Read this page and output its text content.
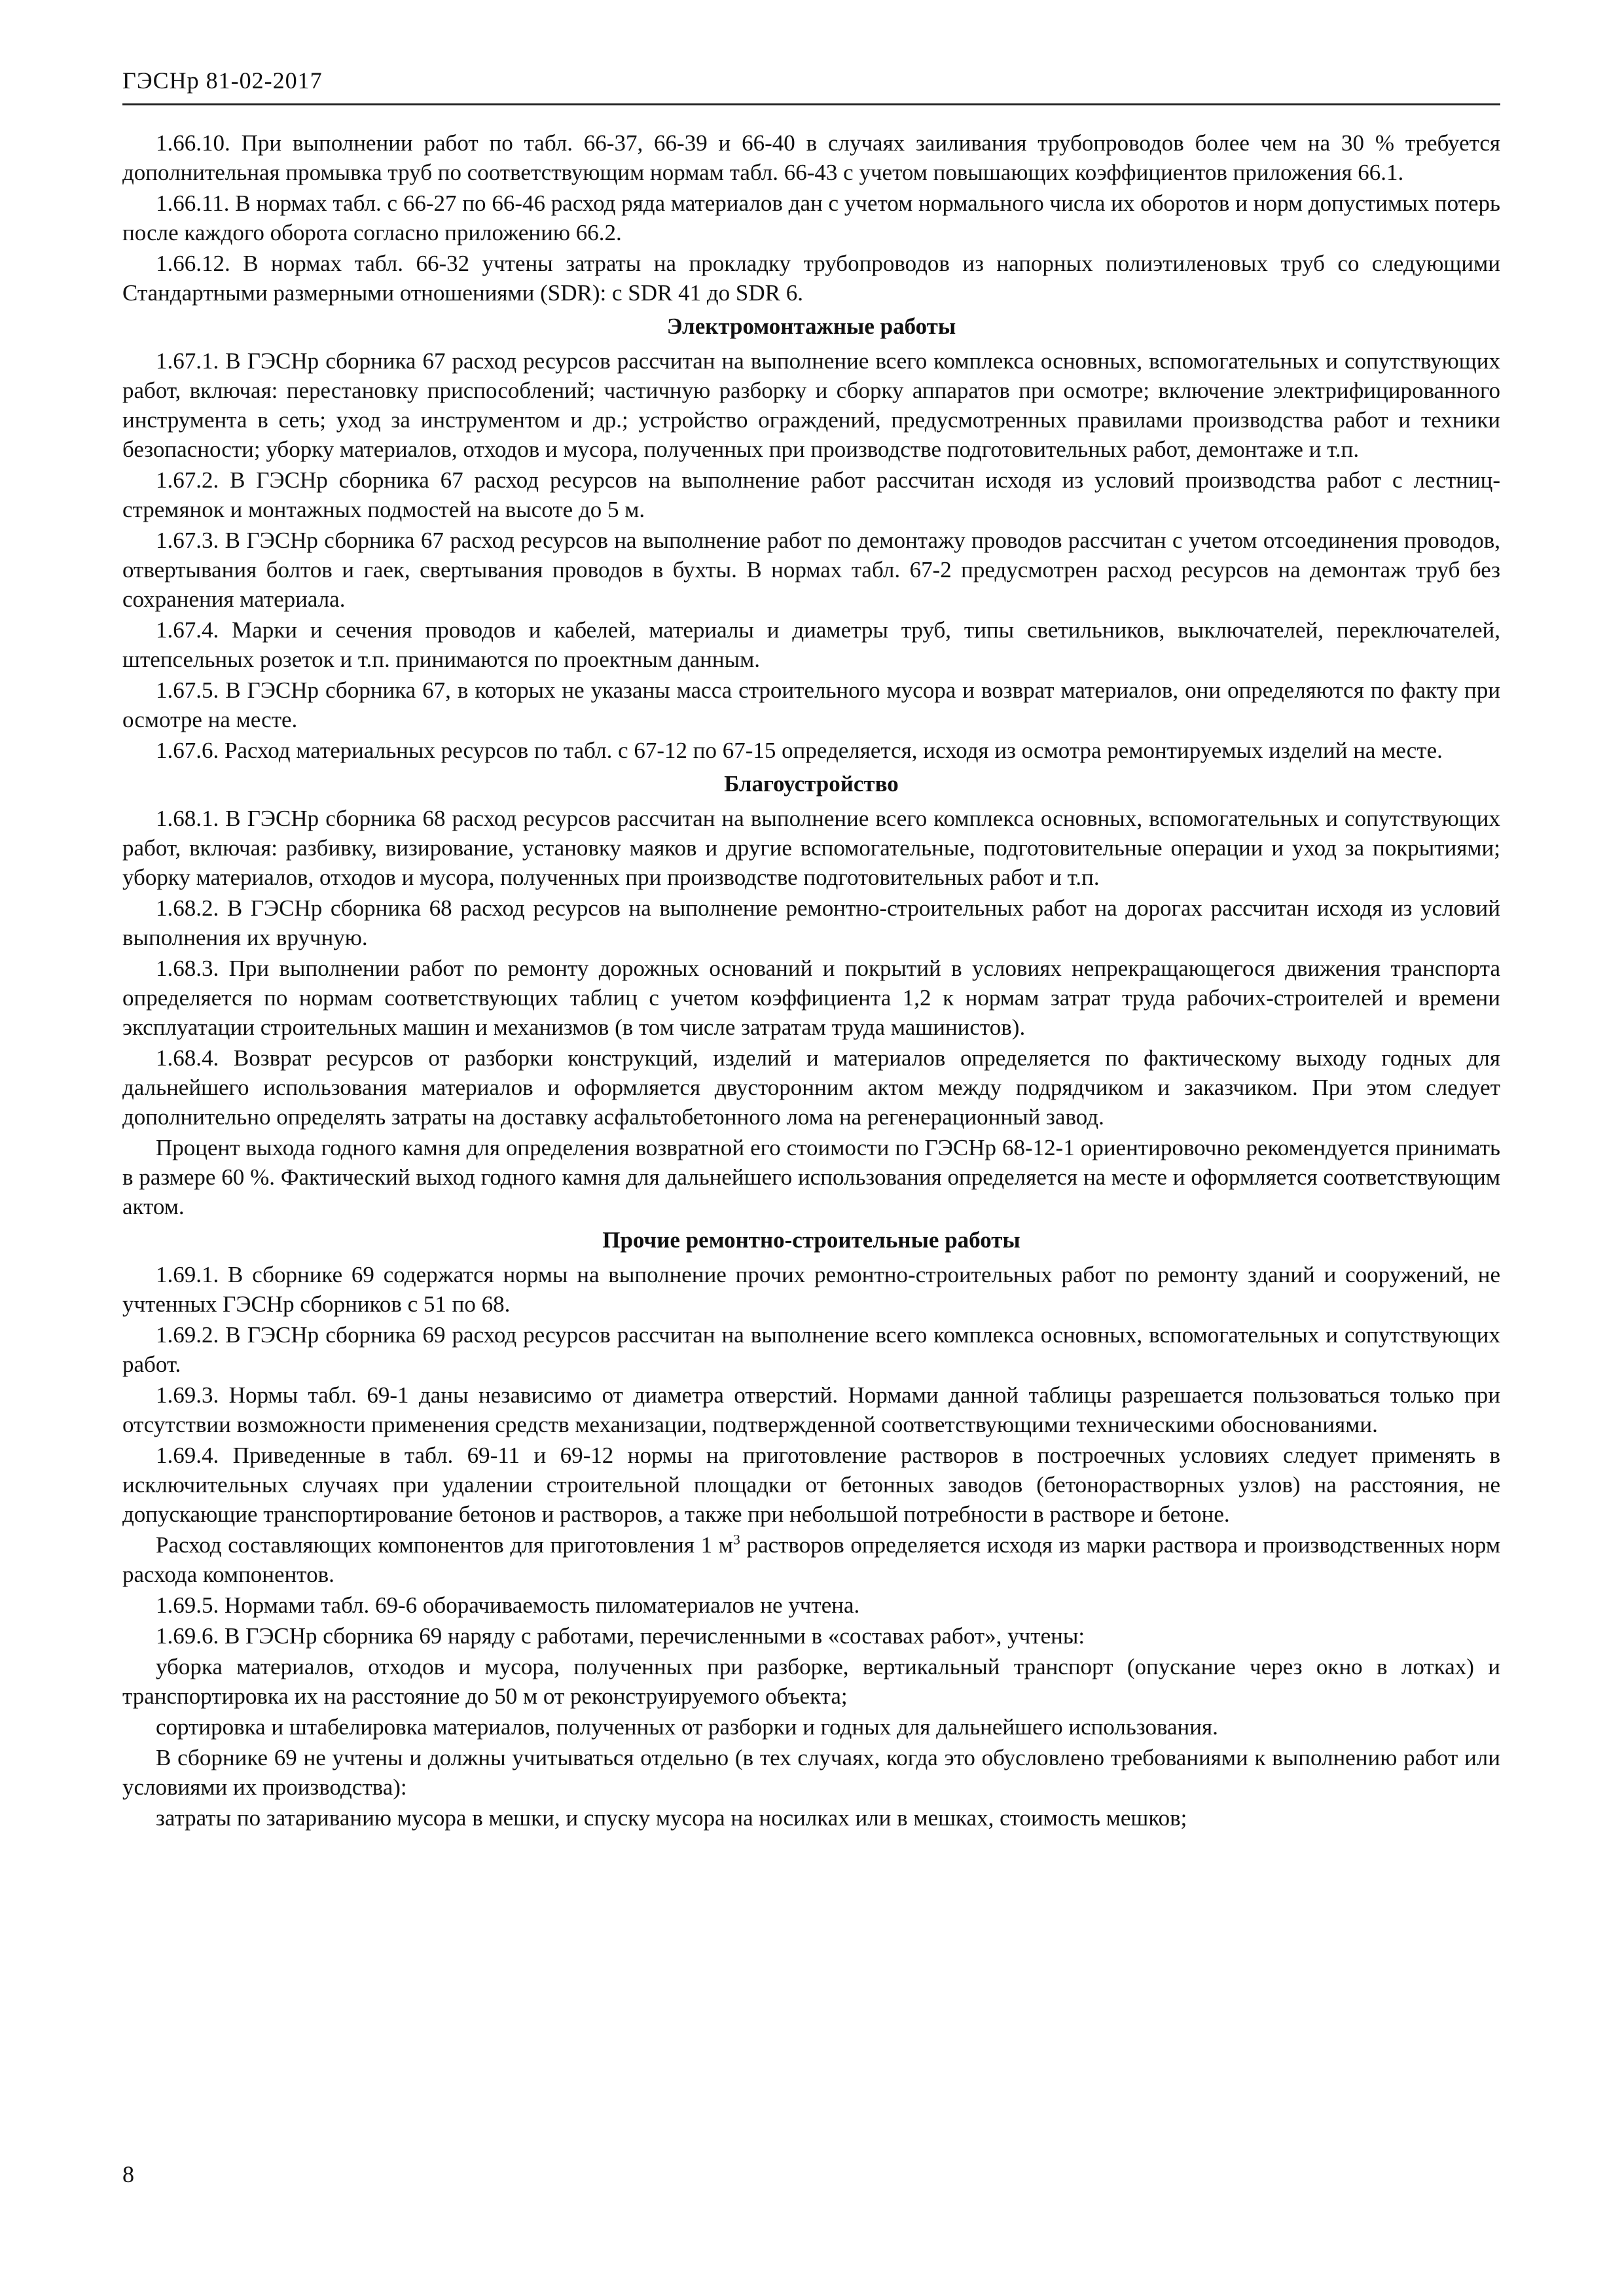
ГЭСНр 81-02-2017

1.66.10. При выполнении работ по табл. 66-37, 66-39 и 66-40 в случаях заиливания трубопроводов более чем на 30 % требуется дополнительная промывка труб по соответствующим нормам табл. 66-43 с учетом повышающих коэффициентов приложения 66.1.

1.66.11. В нормах табл. с 66-27 по 66-46 расход ряда материалов дан с учетом нормального числа их оборотов и норм допустимых потерь после каждого оборота согласно приложению 66.2.

1.66.12. В нормах табл. 66-32 учтены затраты на прокладку трубопроводов из напорных полиэтиленовых труб со следующими Стандартными размерными отношениями (SDR): с SDR 41 до SDR 6.

Электромонтажные работы

1.67.1. В ГЭСНр сборника 67 расход ресурсов рассчитан на выполнение всего комплекса основных, вспомогательных и сопутствующих работ, включая: перестановку приспособлений; частичную разборку и сборку аппаратов при осмотре; включение электрифицированного инструмента в сеть; уход за инструментом и др.; устройство ограждений, предусмотренных правилами производства работ и техники безопасности; уборку материалов, отходов и мусора, полученных при производстве подготовительных работ, демонтаже и т.п.

1.67.2. В ГЭСНр сборника 67 расход ресурсов на выполнение работ рассчитан исходя из условий производства работ с лестниц-стремянок и монтажных подмостей на высоте до 5 м.

1.67.3. В ГЭСНр сборника 67 расход ресурсов на выполнение работ по демонтажу проводов рассчитан с учетом отсоединения проводов, отвертывания болтов и гаек, свертывания проводов в бухты. В нормах табл. 67-2 предусмотрен расход ресурсов на демонтаж труб без сохранения материала.

1.67.4. Марки и сечения проводов и кабелей, материалы и диаметры труб, типы светильников, выключателей, переключателей, штепсельных розеток и т.п. принимаются по проектным данным.

1.67.5. В ГЭСНр сборника 67, в которых не указаны масса строительного мусора и возврат материалов, они определяются по факту при осмотре на месте.

1.67.6. Расход материальных ресурсов по табл. с 67-12 по 67-15 определяется, исходя из осмотра ремонтируемых изделий на месте.

Благоустройство

1.68.1. В ГЭСНр сборника 68 расход ресурсов рассчитан на выполнение всего комплекса основных, вспомогательных и сопутствующих работ, включая: разбивку, визирование, установку маяков и другие вспомогательные, подготовительные операции и уход за покрытиями; уборку материалов, отходов и мусора, полученных при производстве подготовительных работ и т.п.

1.68.2. В ГЭСНр сборника 68 расход ресурсов на выполнение ремонтно-строительных работ на дорогах рассчитан исходя из условий выполнения их вручную.

1.68.3. При выполнении работ по ремонту дорожных оснований и покрытий в условиях непрекращающегося движения транспорта определяется по нормам соответствующих таблиц с учетом коэффициента 1,2 к нормам затрат труда рабочих-строителей и времени эксплуатации строительных машин и механизмов (в том числе затратам труда машинистов).

1.68.4. Возврат ресурсов от разборки конструкций, изделий и материалов определяется по фактическому выходу годных для дальнейшего использования материалов и оформляется двусторонним актом между подрядчиком и заказчиком. При этом следует дополнительно определять затраты на доставку асфальтобетонного лома на регенерационный завод.

Процент выхода годного камня для определения возвратной его стоимости по ГЭСНр 68-12-1 ориентировочно рекомендуется принимать в размере 60 %. Фактический выход годного камня для дальнейшего использования определяется на месте и оформляется соответствующим актом.

Прочие ремонтно-строительные работы

1.69.1. В сборнике 69 содержатся нормы на выполнение прочих ремонтно-строительных работ по ремонту зданий и сооружений, не учтенных ГЭСНр сборников с 51 по 68.

1.69.2. В ГЭСНр сборника 69 расход ресурсов рассчитан на выполнение всего комплекса основных, вспомогательных и сопутствующих работ.

1.69.3. Нормы табл. 69-1 даны независимо от диаметра отверстий. Нормами данной таблицы разрешается пользоваться только при отсутствии возможности применения средств механизации, подтвержденной соответствующими техническими обоснованиями.

1.69.4. Приведенные в табл. 69-11 и 69-12 нормы на приготовление растворов в построечных условиях следует применять в исключительных случаях при удалении строительной площадки от бетонных заводов (бетонорастворных узлов) на расстояния, не допускающие транспортирование бетонов и растворов, а также при небольшой потребности в растворе и бетоне.

Расход составляющих компонентов для приготовления 1 $м^3$ растворов определяется исходя из марки раствора и производственных норм расхода компонентов.

1.69.5. Нормами табл. 69-6 оборачиваемость пиломатериалов не учтена.

1.69.6. В ГЭСНр сборника 69 наряду с работами, перечисленными в «составах работ», учтены:

уборка материалов, отходов и мусора, полученных при разборке, вертикальный транспорт (опускание через окно в лотках) и транспортировка их на расстояние до 50 м от реконструируемого объекта;

сортировка и штабелировка материалов, полученных от разборки и годных для дальнейшего использования.

В сборнике 69 не учтены и должны учитываться отдельно (в тех случаях, когда это обусловлено требованиями к выполнению работ или условиями их производства):

затраты по затариванию мусора в мешки, и спуску мусора на носилках или в мешках, стоимость мешков;

8
